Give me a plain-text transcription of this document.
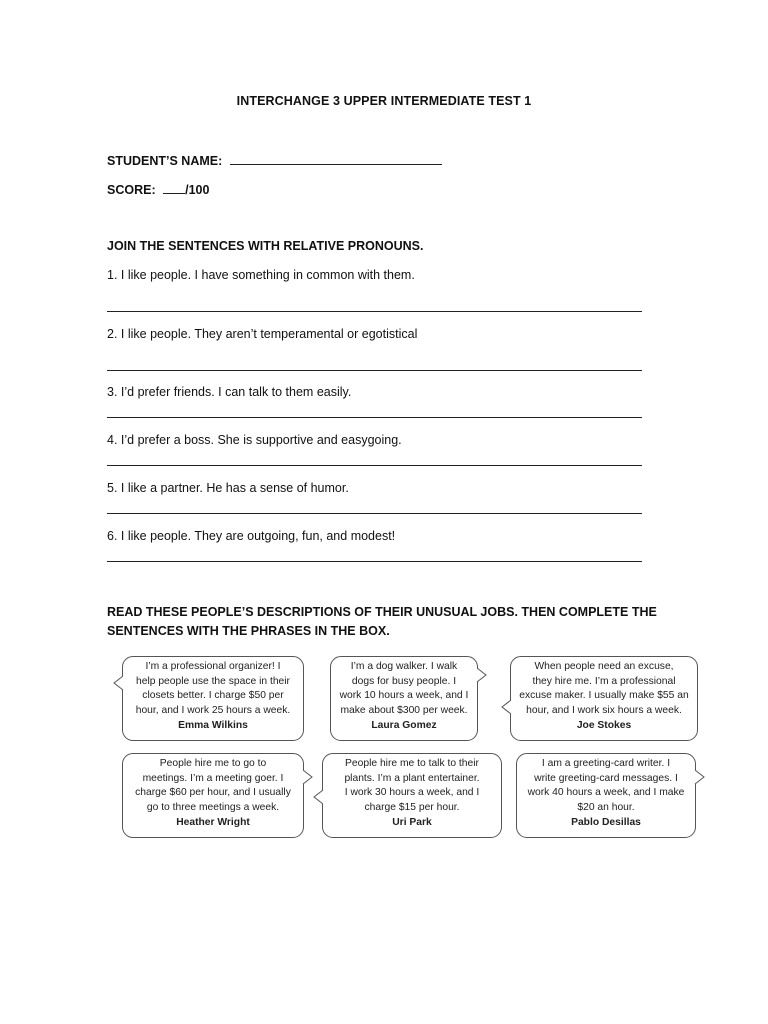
INTERCHANGE 3 UPPER INTERMEDIATE TEST 1
STUDENT’S NAME:
SCORE: /100
JOIN THE SENTENCES WITH RELATIVE PRONOUNS.
1. I like people. I have something in common with them.
2. I like people. They aren’t temperamental or egotistical
3. I’d prefer friends. I can talk to them easily.
4. I’d prefer a boss. She is supportive and easygoing.
5. I like a partner. He has a sense of humor.
6. I like people. They are outgoing, fun, and modest!
READ THESE PEOPLE’S DESCRIPTIONS OF THEIR UNUSUAL JOBS. THEN COMPLETE THE
SENTENCES WITH THE PHRASES IN THE BOX.
I’m a professional organizer! I
help people use the space in their
closets better. I charge $50 per
hour, and I work 25 hours a week.
Emma Wilkins
I’m a dog walker. I walk
dogs for busy people. I
work 10 hours a week, and I
make about $300 per week.
Laura Gomez
When people need an excuse,
they hire me. I’m a professional
excuse maker. I usually make $55 an
hour, and I work six hours a week.
Joe Stokes
People hire me to go to
meetings. I’m a meeting goer. I
charge $60 per hour, and I usually
go to three meetings a week.
Heather Wright
People hire me to talk to their
plants. I’m a plant entertainer.
I work 30 hours a week, and I
charge $15 per hour.
Uri Park
I am a greeting-card writer. I
write greeting-card messages. I
work 40 hours a week, and I make
$20 an hour.
Pablo Desillas
